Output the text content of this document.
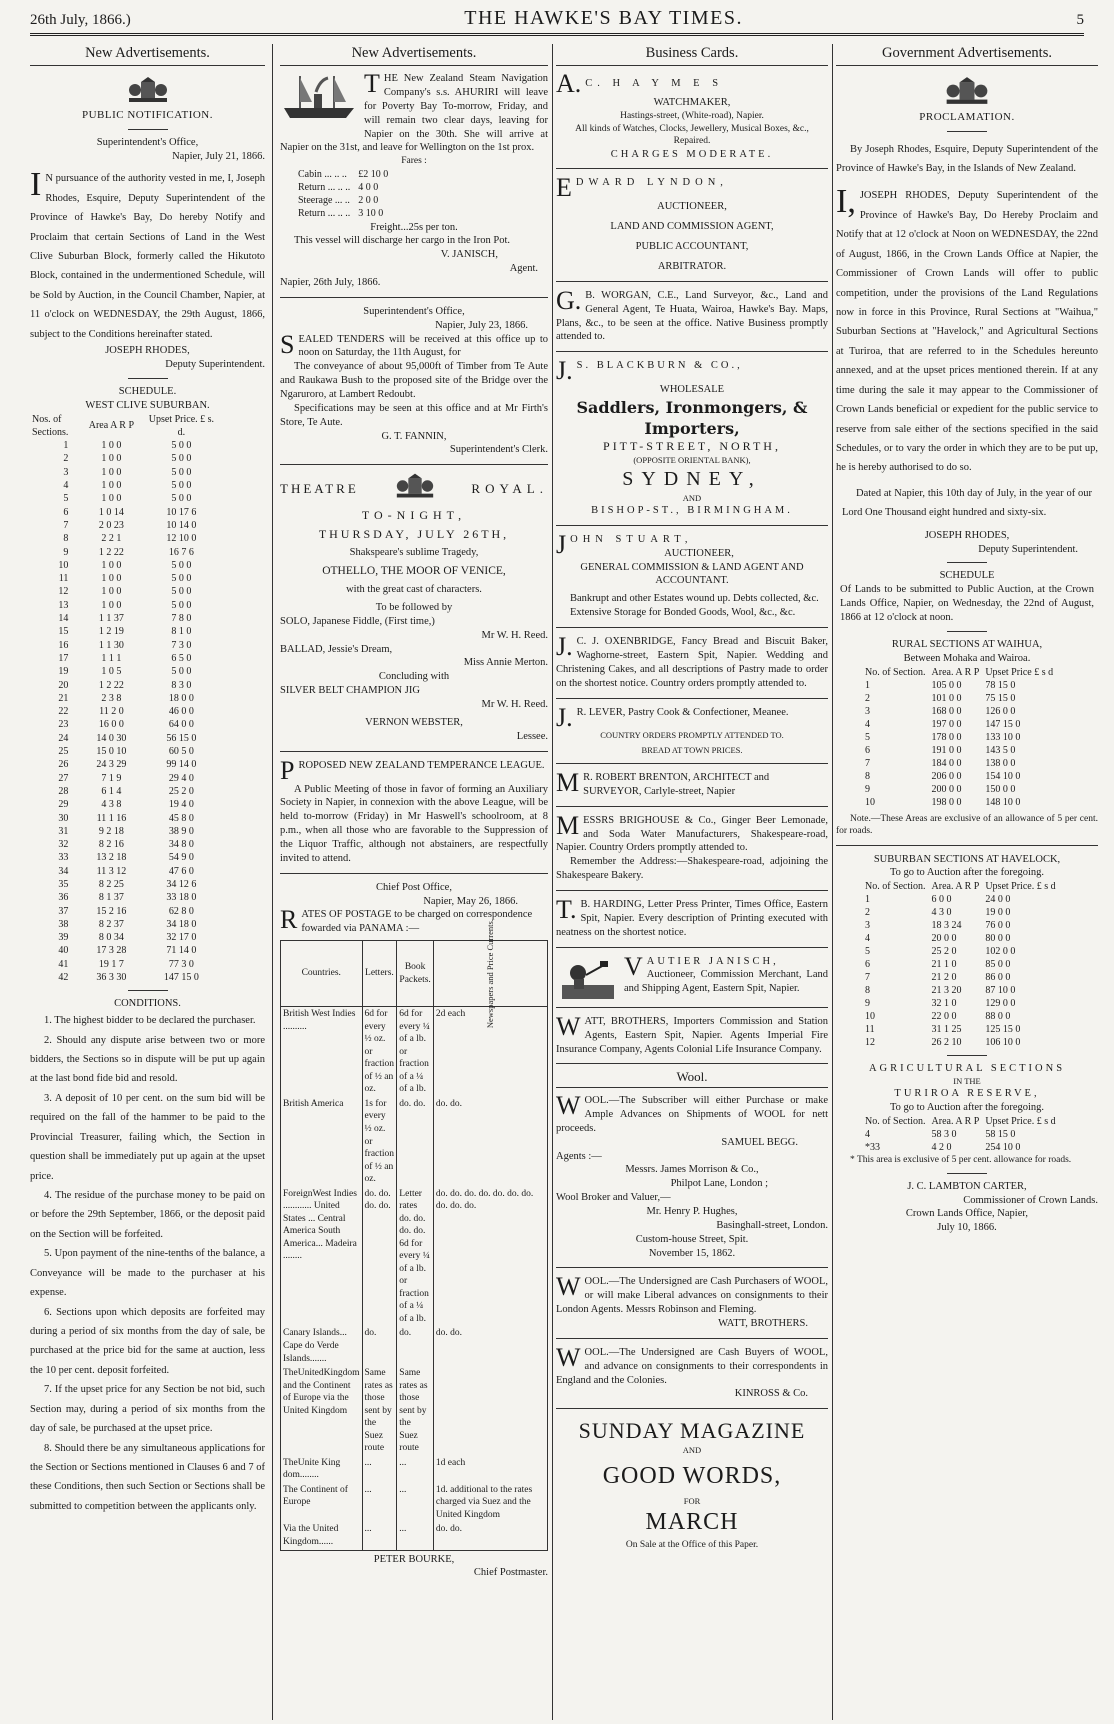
26th July, 1866.)	THE HAWKE'S BAY TIMES.	5
New Advertisements.
PUBLIC NOTIFICATION.
Superintendent's Office,
Napier, July 21, 1866.
I N pursuance of the authority vested in me, I, Joseph Rhodes, Esquire, Deputy Superintendent of the Province of Hawke's Bay, Do hereby Notify and Proclaim that certain Sections of Land in the West Clive Suburban Block, formerly called the Hikutoto Block, contained in the undermentioned Schedule, will be Sold by Auction, in the Council Chamber, Napier, at 11 o'clock on WEDNESDAY, the 29th August, 1866, subject to the Conditions hereinafter stated.
JOSEPH RHODES,
Deputy Superintendent.
SCHEDULE.
WEST CLIVE SUBURBAN.
Nos. of Sections.	Area A R P	Upset Price. £ s. d.
1	1 0 0	5 0 0
2	1 0 0	5 0 0
3	1 0 0	5 0 0
4	1 0 0	5 0 0
5	1 0 0	5 0 0
6	1 0 14	10 17 6
7	2 0 23	10 14 0
8	2 2 1	12 10 0
9	1 2 22	16 7 6
10	1 0 0	5 0 0
11	1 0 0	5 0 0
12	1 0 0	5 0 0
13	1 0 0	5 0 0
14	1 1 37	7 8 0
15	1 2 19	8 1 0
16	1 1 30	7 3 0
17	1 1 1	6 5 0
19	1 0 5	5 0 0
20	1 2 22	8 3 0
21	2 3 8	18 0 0
22	11 2 0	46 0 0
23	16 0 0	64 0 0
24	14 0 30	56 15 0
25	15 0 10	60 5 0
26	24 3 29	99 14 0
27	7 1 9	29 4 0
28	6 1 4	25 2 0
29	4 3 8	19 4 0
30	11 1 16	45 8 0
31	9 2 18	38 9 0
32	8 2 16	34 8 0
33	13 2 18	54 9 0
34	11 3 12	47 6 0
35	8 2 25	34 12 6
36	8 1 37	33 18 0
37	15 2 16	62 8 0
38	8 2 37	34 18 0
39	8 0 34	32 17 0
40	17 3 28	71 14 0
41	19 1 7	77 3 0
42	36 3 30	147 15 0
CONDITIONS.
1. The highest bidder to be declared the purchaser.
2. Should any dispute arise between two or more bidders, the Sections so in dispute will be put up again at the last bond fide bid and resold.
3. A deposit of 10 per cent. on the sum bid will be required on the fall of the hammer to be paid to the Provincial Treasurer, failing which, the Section in question shall be immediately put up again at the upset price.
4. The residue of the purchase money to be paid on or before the 29th September, 1866, or the deposit paid on the Section will be forfeited.
5. Upon payment of the nine-tenths of the balance, a Conveyance will be made to the purchaser at his expense.
6. Sections upon which deposits are forfeited may during a period of six months from the day of sale, be purchased at the price bid for the same at auction, less the 10 per cent. deposit forfeited.
7. If the upset price for any Section be not bid, such Section may, during a period of six months from the day of sale, be purchased at the upset price.
8. Should there be any simultaneous applications for the Section or Sections mentioned in Clauses 6 and 7 of these Conditions, then such Section or Sections shall be submitted to competition between the applicants only.
New Advertisements.
THE New Zealand Steam Navigation Company's s.s. AHURIRI will leave for Poverty Bay To-morrow, Friday, and will remain two clear days, leaving for Napier on the 30th. She will arrive at Napier on the 31st, and leave for Wellington on the 1st prox.
Fares :
Cabin ... .. ..	£2 10 0
Return ... .. ..	4 0 0
Steerage ... ..	2 0 0
Return ... .. ..	3 10 0
Freight...25s per ton.
This vessel will discharge her cargo in the Iron Pot.
V. JANISCH,
Agent.
Napier, 26th July, 1866.
Superintendent's Office,
Napier, July 23, 1866.
SEALED TENDERS will be received at this office up to noon on Saturday, the 11th August, for
The conveyance of about 95,000ft of Timber from Te Aute and Raukawa Bush to the proposed site of the Bridge over the Ngaruroro, at Lambert Redoubt.
Specifications may be seen at this office and at Mr Firth's Store, Te Aute.
G. T. FANNIN,
Superintendent's Clerk.
THEATRE	ROYAL.
TO-NIGHT,
THURSDAY, JULY 26TH,
Shakspeare's sublime Tragedy,
OTHELLO, THE MOOR OF VENICE,
with the great cast of characters.
To be followed by
SOLO, Japanese Fiddle, (First time,)
Mr W. H. Reed.
BALLAD, Jessie's Dream,
Miss Annie Merton.
Concluding with
SILVER BELT CHAMPION JIG
Mr W. H. Reed.
VERNON WEBSTER,
Lessee.
PROPOSED NEW ZEALAND TEMPERANCE LEAGUE.
A Public Meeting of those in favor of forming an Auxiliary Society in Napier, in connexion with the above League, will be held to-morrow (Friday) in Mr Haswell's schoolroom, at 8 p.m., when all those who are favorable to the Suppression of the Liquor Traffic, although not abstainers, are respectfully invited to attend.
Chief Post Office,
Napier, May 26, 1866.
RATES OF POSTAGE to be charged on correspondence fowarded via PANAMA :—
Countries.	Letters.	Book Packets.	Newspapers and Price Currents.
British West Indies ..........	6d for every ½ oz. or fraction of ½ an oz.	6d for every ¼ of a lb. or fraction of a ¼ of a lb.	2d each
British America	1s for every ½ oz. or fraction of ½ an oz.	do. do.	do. do.
ForeignWest Indies ............ United States ... Central America South America... Madeira ........	do. do. do. do.	Letter rates do. do. do. do. 6d for every ¼ of a lb. or fraction of a ¼ of a lb.	do. do. do. do. do. do. do. do. do. do.
Canary Islands... Cape do Verde Islands.......	do.	do.	do. do.
TheUnitedKingdom and the Continent of Europe via the United Kingdom	Same rates as those sent by the Suez route	Same rates as those sent by the Suez route	
TheUnite King dom........	...	...	1d each
The Continent of Europe	...	...	1d. additional to the rates charged via Suez and the United Kingdom
Via the United Kingdom......	...	...	do. do.
PETER BOURKE,
Chief Postmaster.
Business Cards.
A. C. H A Y M E S
WATCHMAKER,
Hastings-street, (White-road), Napier.
All kinds of Watches, Clocks, Jewellery, Musical Boxes, &c., Repaired.
CHARGES MODERATE.
EDWARD LYNDON,
AUCTIONEER,
LAND AND COMMISSION AGENT,
PUBLIC ACCOUNTANT,
ARBITRATOR.
G. B. WORGAN, C.E., Land Surveyor, &c., Land and General Agent, Te Huata, Wairoa, Hawke's Bay. Maps, Plans, &c., to be seen at the office. Native Business promptly attended to.
J. S. BLACKBURN & CO.,
WHOLESALE
Saddlers, Ironmongers, & Importers,
PITT-STREET, NORTH,
(OPPOSITE ORIENTAL BANK),
SYDNEY,
AND
BISHOP-ST., BIRMINGHAM.
JOHN STUART,
AUCTIONEER,
GENERAL COMMISSION & LAND AGENT AND ACCOUNTANT.
Bankrupt and other Estates wound up. Debts collected, &c.
Extensive Storage for Bonded Goods, Wool, &c., &c.
J. C. J. OXENBRIDGE, Fancy Bread and Biscuit Baker, Waghorne-street, Eastern Spit, Napier. Wedding and Christening Cakes, and all descriptions of Pastry made to order on the shortest notice. Country orders promptly attended to.
J. R. LEVER, Pastry Cook & Confectioner, Meanee.
COUNTRY ORDERS PROMPTLY ATTENDED TO.
BREAD AT TOWN PRICES.
M R. ROBERT BRENTON, ARCHITECT and SURVEYOR, Carlyle-street, Napier
MESSRS BRIGHOUSE & Co., Ginger Beer Lemonade, and Soda Water Manufacturers, Shakespeare-road, Napier. Country Orders promptly attended to.
Remember the Address:—Shakespeare-road, adjoining the Shakespeare Bakery.
T. B. HARDING, Letter Press Printer, Times Office, Eastern Spit, Napier. Every description of Printing executed with neatness on the shortest notice.
VAUTIER JANISCH,
Auctioneer, Commission Merchant, Land and Shipping Agent, Eastern Spit, Napier.
WATT, BROTHERS, Importers Commission and Station Agents, Eastern Spit, Napier. Agents Imperial Fire Insurance Company, Agents Colonial Life Insurance Company.
Wool.
WOOL.—The Subscriber will either Purchase or make Ample Advances on Shipments of WOOL for nett proceeds.
SAMUEL BEGG.
Agents :—
Messrs. James Morrison & Co.,
Philpot Lane, London ;
Wool Broker and Valuer,—
Mr. Henry P. Hughes,
Basinghall-street, London.
Custom-house Street, Spit.
November 15, 1862.
WOOL.—The Undersigned are Cash Purchasers of WOOL, or will make Liberal advances on consignments to their London Agents. Messrs Robinson and Fleming.
WATT, BROTHERS.
WOOL.—The Undersigned are Cash Buyers of WOOL, and advance on consignments to their correspondents in England and the Colonies.
KINROSS & Co.
SUNDAY MAGAZINE
AND
GOOD WORDS,
FOR
MARCH
On Sale at the Office of this Paper.
Government Advertisements.
PROCLAMATION.
By Joseph Rhodes, Esquire, Deputy Superintendent of the Province of Hawke's Bay, in the Islands of New Zealand.
I, JOSEPH RHODES, Deputy Superintendent of the Province of Hawke's Bay, Do Hereby Proclaim and Notify that at 12 o'clock at Noon on WEDNESDAY, the 22nd of August, 1866, in the Crown Lands Office at Napier, the Commissioner of Crown Lands will offer to public competition, under the provisions of the Land Regulations now in force in this Province, Rural Sections at "Waihua," Suburban Sections at "Havelock," and Agricultural Sections at Turiroa, that are referred to in the Schedules hereunto annexed, and at the upset prices mentioned therein. If at any time during the sale it may appear to the Commissioner of Crown Lands beneficial or expedient for the public service to reserve from sale either of the sections specified in the said Schedules, or to vary the order in which they are to be put up, he is hereby authorised to do so.
Dated at Napier, this 10th day of July, in the year of our Lord One Thousand eight hundred and sixty-six.
JOSEPH RHODES,
Deputy Superintendent.
SCHEDULE
Of Lands to be submitted to Public Auction, at the Crown Lands Office, Napier, on Wednesday, the 22nd of August, 1866 at 12 o'clock at noon.
RURAL SECTIONS AT WAIHUA,
Between Mohaka and Wairoa.
No. of Section.	Area. A R P	Upset Price £ s d
1	105 0 0	78 15 0
2	101 0 0	75 15 0
3	168 0 0	126 0 0
4	197 0 0	147 15 0
5	178 0 0	133 10 0
6	191 0 0	143 5 0
7	184 0 0	138 0 0
8	206 0 0	154 10 0
9	200 0 0	150 0 0
10	198 0 0	148 10 0
Note.—These Areas are exclusive of an allowance of 5 per cent. for roads.
SUBURBAN SECTIONS AT HAVELOCK,
To go to Auction after the foregoing.
No. of Section.	Area. A R P	Upset Price. £ s d
1	6 0 0	24 0 0
2	4 3 0	19 0 0
3	18 3 24	76 0 0
4	20 0 0	80 0 0
5	25 2 0	102 0 0
6	21 1 0	85 0 0
7	21 2 0	86 0 0
8	21 3 20	87 10 0
9	32 1 0	129 0 0
10	22 0 0	88 0 0
11	31 1 25	125 15 0
12	26 2 10	106 10 0
AGRICULTURAL SECTIONS
IN THE
TURIROA RESERVE,
To go to Auction after the foregoing.
No. of Section.	Area. A R P	Upset Price. £ s d
4	58 3 0	58 15 0
*33	4 2 0	254 10 0
* This area is exclusive of 5 per cent. allowance for roads.
J. C. LAMBTON CARTER,
Commissioner of Crown Lands.
Crown Lands Office, Napier,
July 10, 1866.
